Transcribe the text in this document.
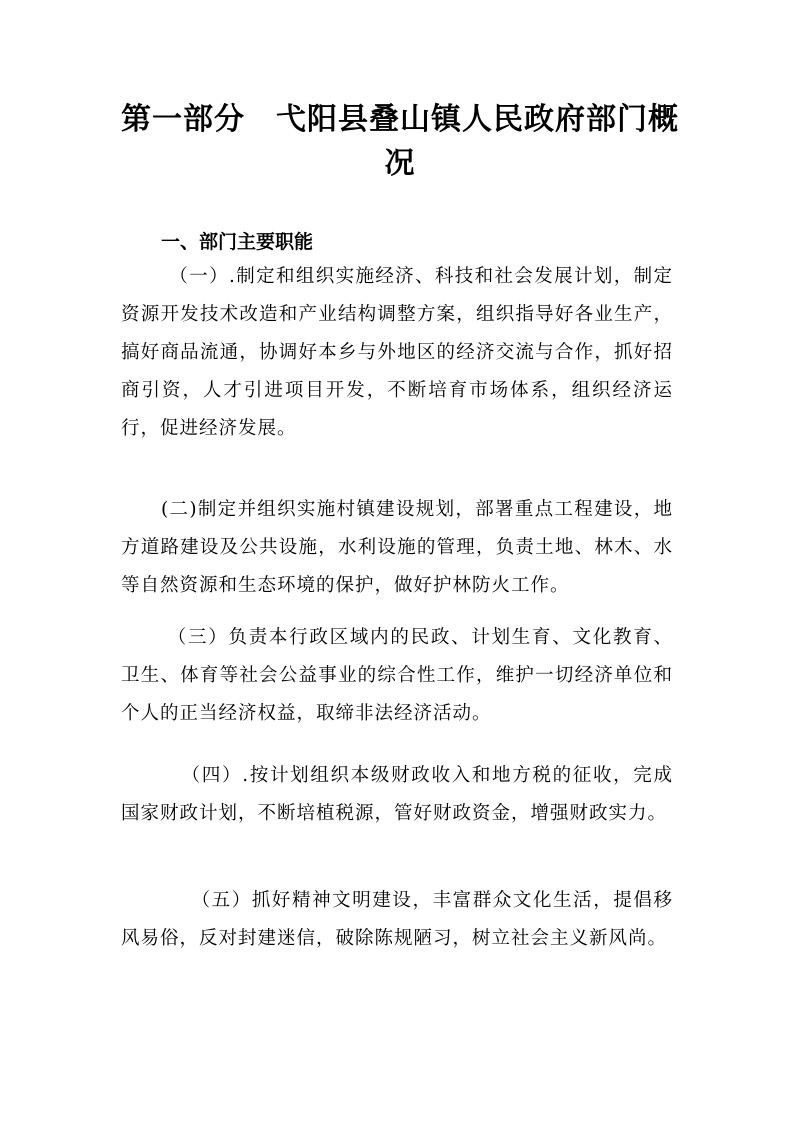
第一部分　弋阳县叠山镇人民政府部门概况
一、部门主要职能
（一）.制定和组织实施经济、科技和社会发展计划，制定资源开发技术改造和产业结构调整方案，组织指导好各业生产，搞好商品流通，协调好本乡与外地区的经济交流与合作，抓好招商引资，人才引进项目开发，不断培育市场体系，组织经济运行，促进经济发展。
(二)制定并组织实施村镇建设规划，部署重点工程建设，地方道路建设及公共设施，水利设施的管理，负责土地、林木、水等自然资源和生态环境的保护，做好护林防火工作。
（三）负责本行政区域内的民政、计划生育、文化教育、卫生、体育等社会公益事业的综合性工作，维护一切经济单位和个人的正当经济权益，取缔非法经济活动。
（四）.按计划组织本级财政收入和地方税的征收，完成国家财政计划，不断培植税源，管好财政资金，增强财政实力。
（五）抓好精神文明建设，丰富群众文化生活，提倡移风易俗，反对封建迷信，破除陈规陋习，树立社会主义新风尚。
